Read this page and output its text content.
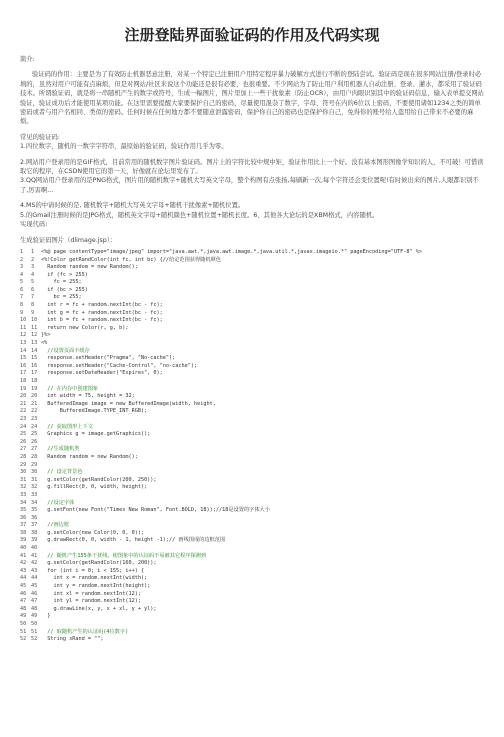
注册登陆界面验证码的作用及代码实现

简介:

验证码的作用：主要是为了有效防止机器恶意注册，对某一个特定已注册用户用特定程序暴力破解方式进行不断的登陆尝试。验证码是现在很多网站注册/登录时必填的，虽然对用户可能有点麻烦，但是对网站/社区来说这个功能还是很有必要，也很重要。不少网站为了防止用户利用机器人自动注册、登录、灌水，都采用了验证码技术。所谓验证码，就是将一串随机产生的数字或符号，生成一幅图片，图片里加上一些干扰象素（防止OCR），由用户肉眼识别其中的验证码信息，输入表单提交网站验证，验证成功后才能使用某项功能。在这里需要提醒大家要保护自己的密码，尽量使用混杂了数字、字母、符号在内的6位以上密码，不要使用诸如1234之类的简单密码或者与用户名相同、类似的密码。任何时候在任何地方都不要随意泄露密码，保护你自己的密码也是保护你自己，免得你的账号给人盗用给自己带来不必要的麻烦。

常见的验证码:

1.四位数字，随机的一数字字符串，最原始的验证码，验证作用几乎为零。

2.网站用户登录用的是GIF格式，目前常用的随机数字图片验证码。图片上的字符比较中规中矩，验证作用比上一个好。没有基本图形图像学知识的人，不可破！可惜读取它的程序，在CSDN使用它的第一天，好像就在论坛里发布了。

3.QQ网站用户登录用的是PNG格式，图片用的随机数字+随机大写英文字母，整个构图有点张扬,每刷新一次,每个字符还会变位置呢!有时候出来的图片,人眼都识别不了,厉害啊...

4.MS的中请时候的是, 随机数字+随机大写英文字母+随机干扰像素+随机位置。

5.的Gmail注册时候的是JPG格式，随机英文字母+随机颜色+随机位置+随机长度。6、其他各大论坛的是XBM格式，内容随机。

实现代码:

生成验证码图片（dlimage.jsp）：

1	1	<%@ page contentType="image/jpeg" import="java.awt.*,java.awt.image.*,java.util.*,javax.imageio.*" pageEncoding="UTF-8" %>
2	2	<%!Color getRandColor(int fc, int bc) {//给定范围获得随机颜色
3	3	Random random = new Random();
4	4	if (fc > 255)
5	5	fc = 255;
6	6	if (bc > 255)
7	7	bc = 255;
8	8	int r = fc + random.nextInt(bc - fc);
9	9	int g = fc + random.nextInt(bc - fc);
10 10 int b = fc + random.nextInt(bc - fc);
11 11 return new Color(r, g, b);
12 12 }%>
13 13 <%
14 14 //设置页面不缓存
15 15 response.setHeader("Pragma", "No-cache");
16 16 response.setHeader("Cache-Control", "no-cache");
17 17 response.setDateHeader("Expires", 0);
18 18
19 19 // 在内存中创建图象
20 20 int width = 75, height = 32;
21 21 BufferedImage image = new BufferedImage(width, height,
22 22 BufferedImage.TYPE_INT_RGB);
23 23
24 24 // 获取图形上下文
25 25 Graphics g = image.getGraphics();
26 26
27 27 //生成随机类
28 28 Random random = new Random();
29 29
30 30 // 设定背景色
31 31 g.setColor(getRandColor(200, 250));
32 32 g.fillRect(0, 0, width, height);
33 33
34 34 //设定字体
35 35 g.setFont(new Font("Times New Roman", Font.BOLD, 18));//18是设置的字体大小
36 36
37 37 //画边框
38 38 g.setColor(new Color(0, 0, 0));
39 39 g.drawRect(0, 0, width - 1, height -1);// 画线围成的边框范围
40 40
41 41 // 随机产生155条干扰线，使图象中的认证码不易被其它程序探测到
42 42 g.setColor(getRandColor(160, 200));
43 43 for (int i = 0; i < 155; i++) {
44 44 int x = random.nextInt(width);
45 45 int y = random.nextInt(height);
46 46 int xl = random.nextInt(12);
47 47 int yl = random.nextInt(12);
48 48 g.drawLine(x, y, x + xl, y + yl);
49 49 }
50 50
51 51 // 取随机产生的认证码(4位数字)
52 52 String sRand = "";
